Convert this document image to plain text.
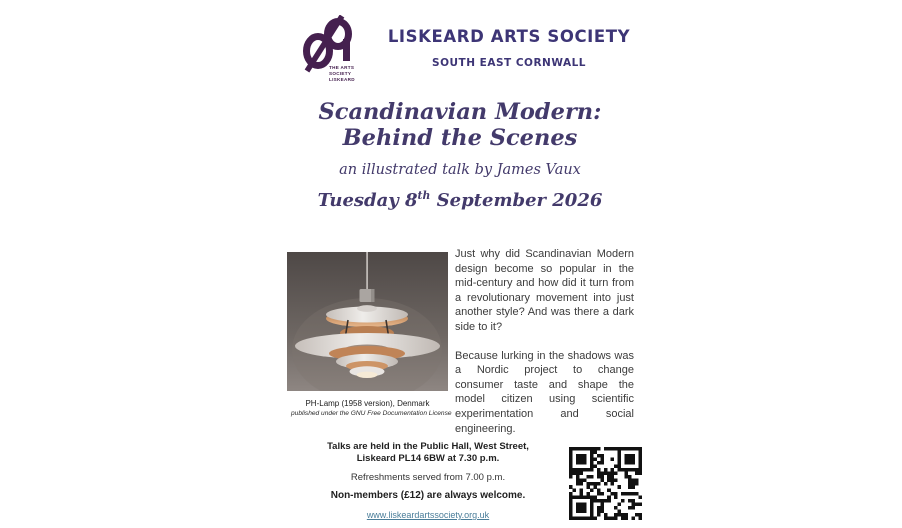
THE ARTS
SOCIETY
LISKEARD
LISKEARD ARTS SOCIETY
SOUTH EAST CORNWALL
Scandinavian Modern:
Behind the Scenes
an illustrated talk by James Vaux
Tuesday 8th September 2026
PH-Lamp (1958 version), Denmark
published under the GNU Free Documentation License

Just why did Scandinavian Modern design become so popular in the mid-century and how did it turn from a revolutionary movement into just another style? And was there a dark side to it?

Because lurking in the shadows was a Nordic project to change consumer taste and shape the model citizen using scientific experimentation and social engineering.

Talks are held in the Public Hall, West Street,
Liskeard PL14 6BW at 7.30 p.m.
Refreshments served from 7.00 p.m.
Non-members (£12) are always welcome.
www.liskeardartssociety.org.uk
